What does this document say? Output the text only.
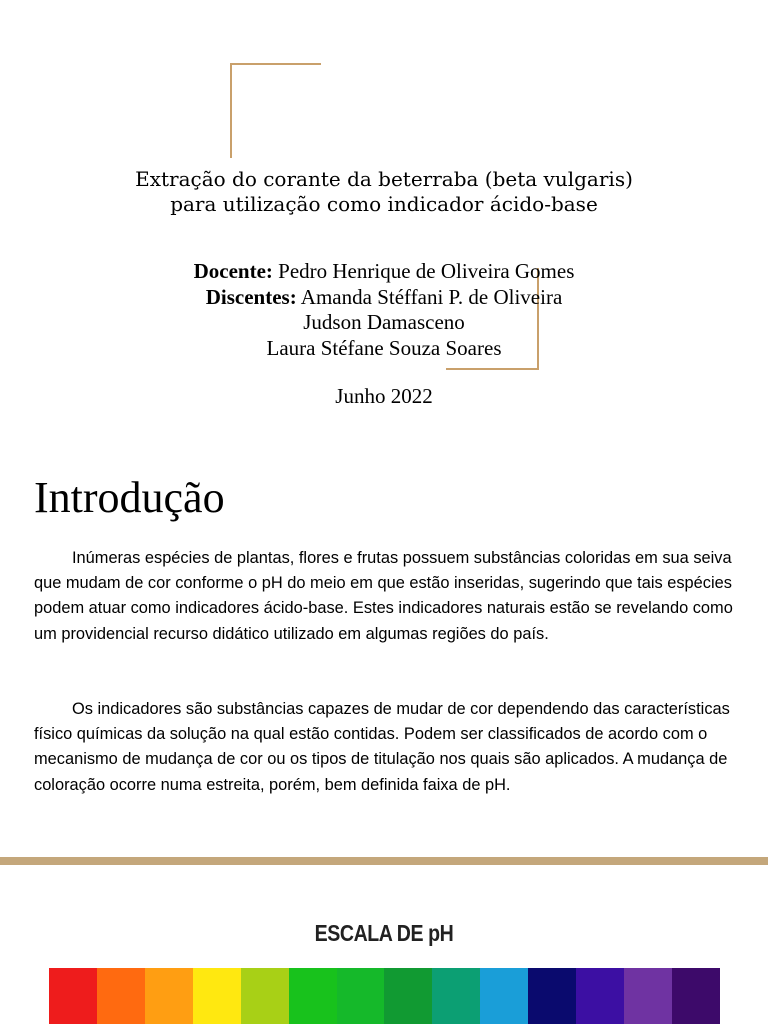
Extração do corante da beterraba (beta vulgaris)
para utilização como indicador ácido-base
Docente: Pedro Henrique de Oliveira Gomes
Discentes: Amanda Stéffani P. de Oliveira
Judson Damasceno
Laura Stéfane Souza Soares
Junho 2022
Introdução

Inúmeras espécies de plantas, flores e frutas possuem substâncias coloridas em sua seiva que mudam de cor conforme o pH do meio em que estão inseridas, sugerindo que tais espécies podem atuar como indicadores ácido-base. Estes indicadores naturais estão se revelando como um providencial recurso didático utilizado em algumas regiões do país.

Os indicadores são substâncias capazes de mudar de cor dependendo das características físico químicas da solução na qual estão contidas. Podem ser classificados de acordo com o mecanismo de mudança de cor ou os tipos de titulação nos quais são aplicados. A mudança de coloração ocorre numa estreita, porém, bem definida faixa de pH.

ESCALA DE pH
